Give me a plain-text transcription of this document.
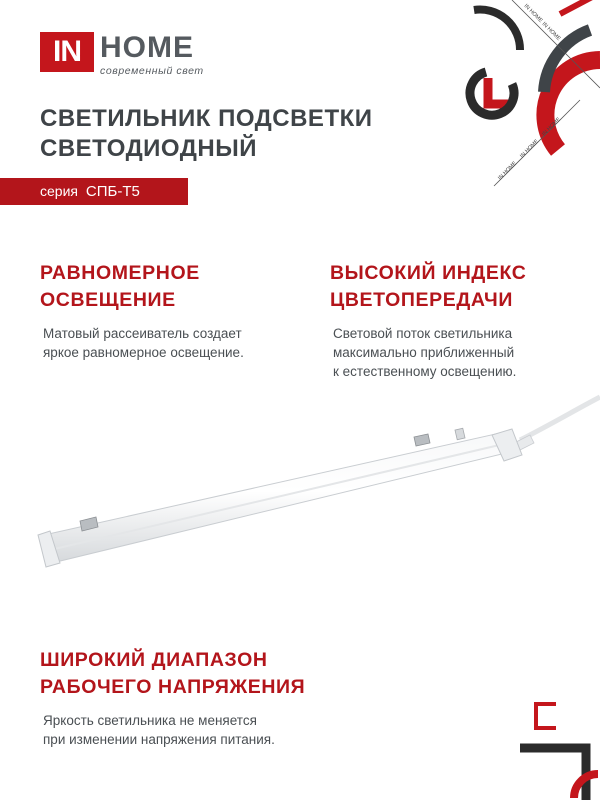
IN HOME
современный свет
IN HOME
IN HOME
IN HOME
IN HOME
IN HOME
СВЕТИЛЬНИК ПОДСВЕТКИ
СВЕТОДИОДНЫЙ
серия СПБ-Т5
РАВНОМЕРНОЕ
ОСВЕЩЕНИЕ
Матовый рассеиватель создает
яркое равномерное освещение.
ВЫСОКИЙ ИНДЕКС
ЦВЕТОПЕРЕДАЧИ
Световой поток светильника
максимально приближенный
к естественному освещению.
ШИРОКИЙ ДИАПАЗОН
РАБОЧЕГО НАПРЯЖЕНИЯ
Яркость светильника не меняется
при изменении напряжения питания.
